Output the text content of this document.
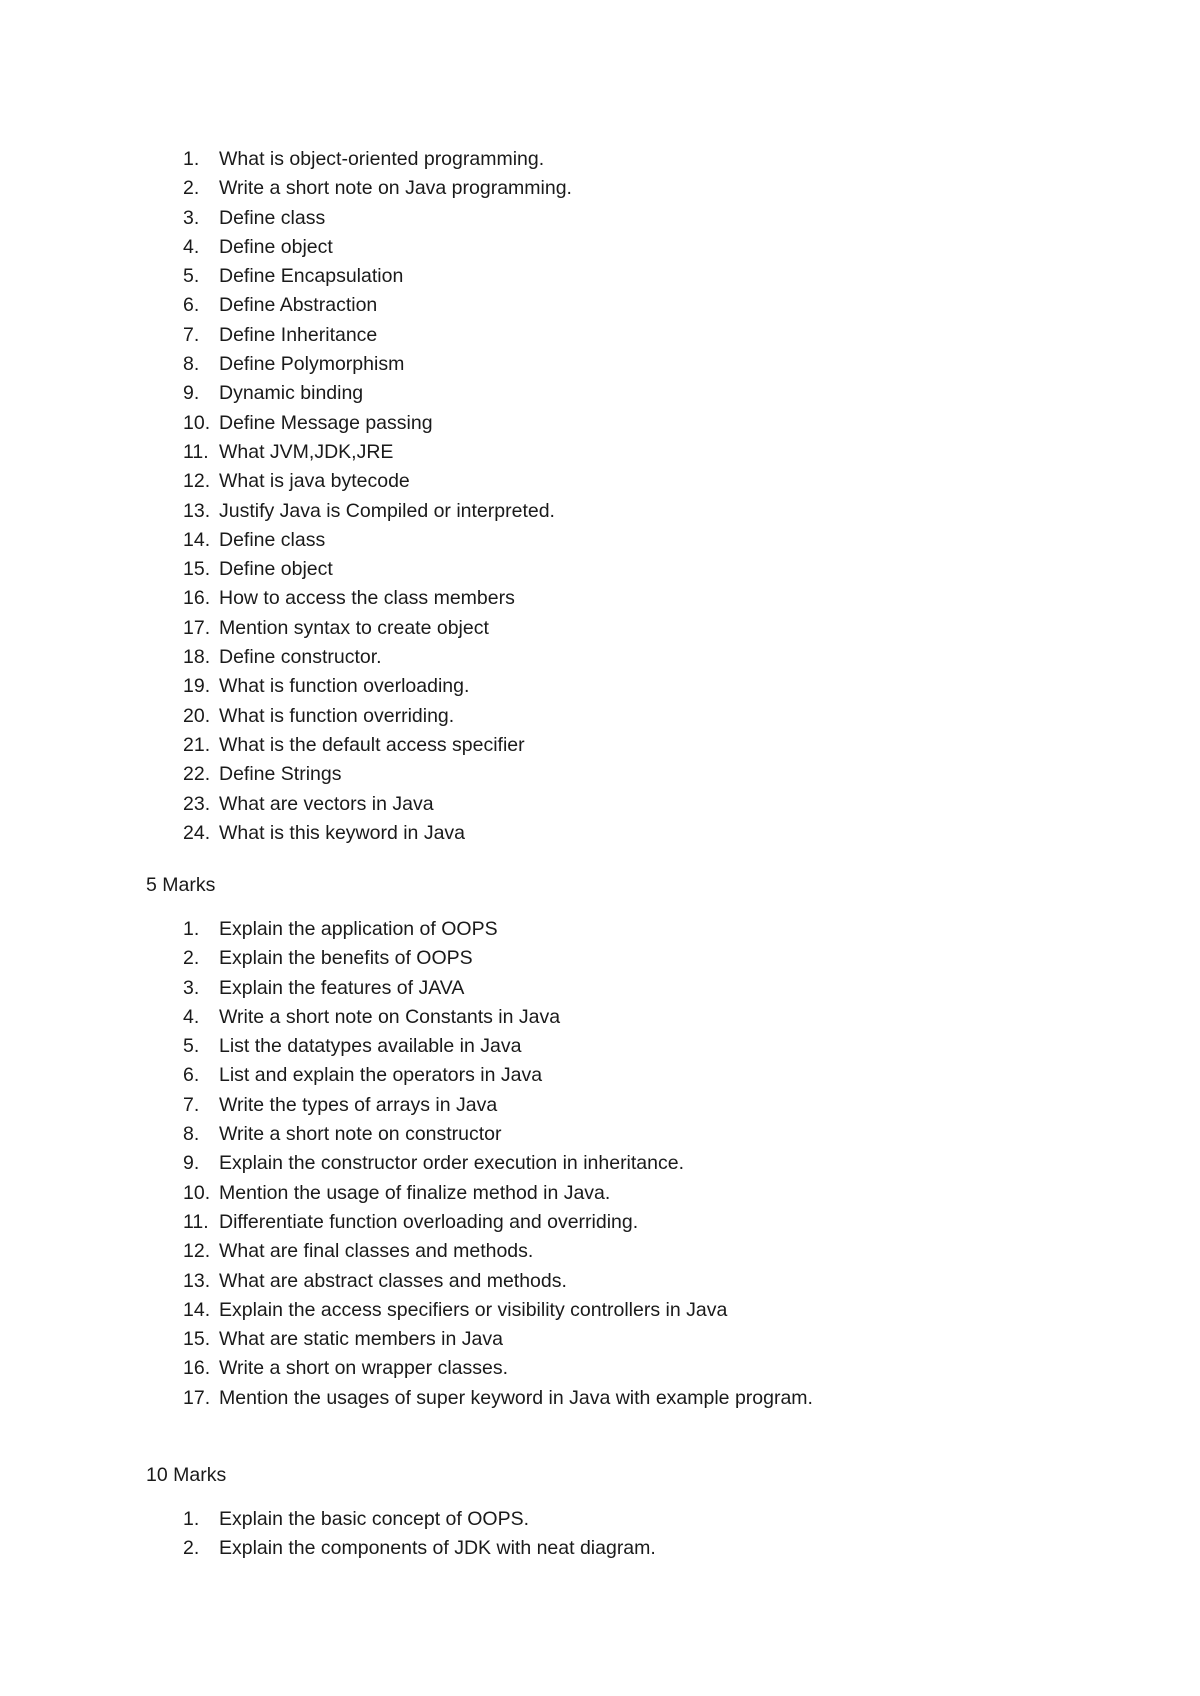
1. What is object-oriented programming.
2. Write a short note on Java programming.
3. Define class
4. Define object
5. Define Encapsulation
6. Define Abstraction
7. Define Inheritance
8. Define Polymorphism
9. Dynamic binding
10. Define Message passing
11. What JVM,JDK,JRE
12. What is java bytecode
13. Justify Java is Compiled or interpreted.
14. Define class
15. Define object
16. How to access the class members
17. Mention syntax to create object
18. Define constructor.
19. What is function overloading.
20. What is function overriding.
21. What is the default access specifier
22. Define Strings
23. What are vectors in Java
24. What is this keyword in Java
5 Marks
1. Explain the application of OOPS
2. Explain the benefits of OOPS
3. Explain the features of JAVA
4. Write a short note on Constants in Java
5. List the datatypes available in Java
6. List and explain the operators in Java
7. Write the types of arrays in Java
8. Write a short note on constructor
9. Explain the constructor order execution in inheritance.
10. Mention the usage of finalize method in Java.
11. Differentiate function overloading and overriding.
12. What are final classes and methods.
13. What are abstract classes and methods.
14. Explain the access specifiers or visibility controllers in Java
15. What are static members in Java
16. Write a short on wrapper classes.
17. Mention the usages of super keyword in Java with example program.
10 Marks
1. Explain the basic concept of OOPS.
2. Explain the components of JDK with neat diagram.
